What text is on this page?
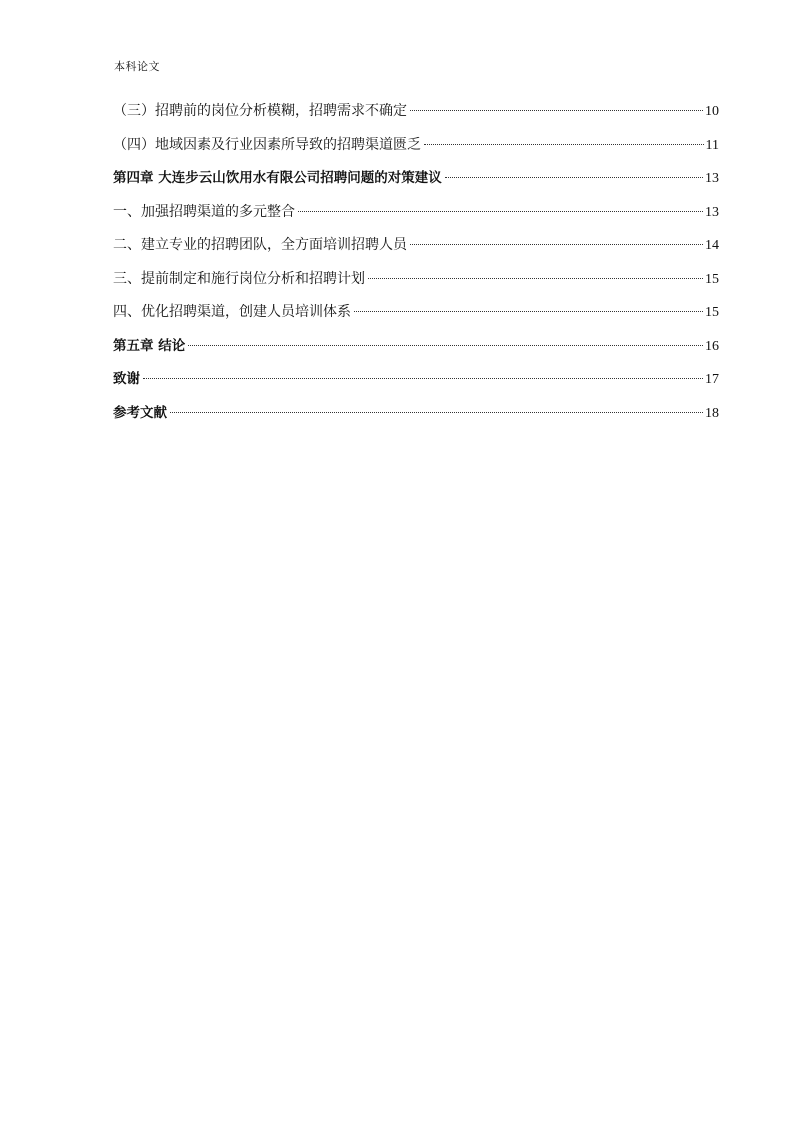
本科论文
（三）招聘前的岗位分析模糊，招聘需求不确定	10
（四）地域因素及行业因素所导致的招聘渠道匮乏	11
第四章 大连步云山饮用水有限公司招聘问题的对策建议	13
一、加强招聘渠道的多元整合	13
二、建立专业的招聘团队，全方面培训招聘人员	14
三、提前制定和施行岗位分析和招聘计划	15
四、优化招聘渠道，创建人员培训体系	15
第五章 结论	16
致谢	17
参考文献	18
